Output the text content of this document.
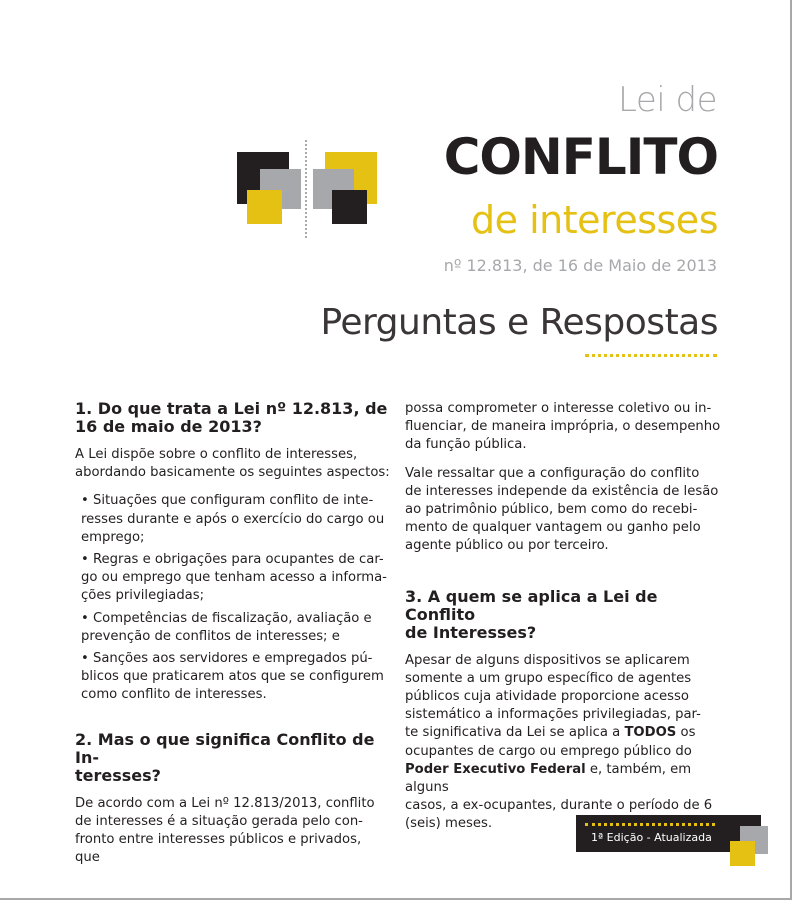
Lei de
CONFLITO
de interesses
nº 12.813, de 16 de Maio de 2013
Perguntas e Respostas
1. Do que trata a Lei nº 12.813, de
16 de maio de 2013?
A Lei dispõe sobre o conflito de interesses,
abordando basicamente os seguintes aspectos:
• Situações que configuram conflito de inte-
resses durante e após o exercício do cargo ou
emprego;
• Regras e obrigações para ocupantes de car-
go ou emprego que tenham acesso a informa-
ções privilegiadas;
• Competências de fiscalização, avaliação e
prevenção de conflitos de interesses; e
• Sanções aos servidores e empregados pú-
blicos que praticarem atos que se configurem
como conflito de interesses.
2. Mas o que significa Conflito de In-
teresses?
De acordo com a Lei nº 12.813/2013, conflito
de interesses é a situação gerada pelo con-
fronto entre interesses públicos e privados, que
possa comprometer o interesse coletivo ou in-
fluenciar, de maneira imprópria, o desempenho
da função pública.
Vale ressaltar que a configuração do conflito
de interesses independe da existência de lesão
ao patrimônio público, bem como do recebi-
mento de qualquer vantagem ou ganho pelo
agente público ou por terceiro.
3. A quem se aplica a Lei de Conflito
de Interesses?
Apesar de alguns dispositivos se aplicarem
somente a um grupo específico de agentes
públicos cuja atividade proporcione acesso
sistemático a informações privilegiadas, par-
te significativa da Lei se aplica a TODOS os
ocupantes de cargo ou emprego público do
Poder Executivo Federal e, também, em alguns
casos, a ex-ocupantes, durante o período de 6
(seis) meses.
1ª Edição - Atualizada
